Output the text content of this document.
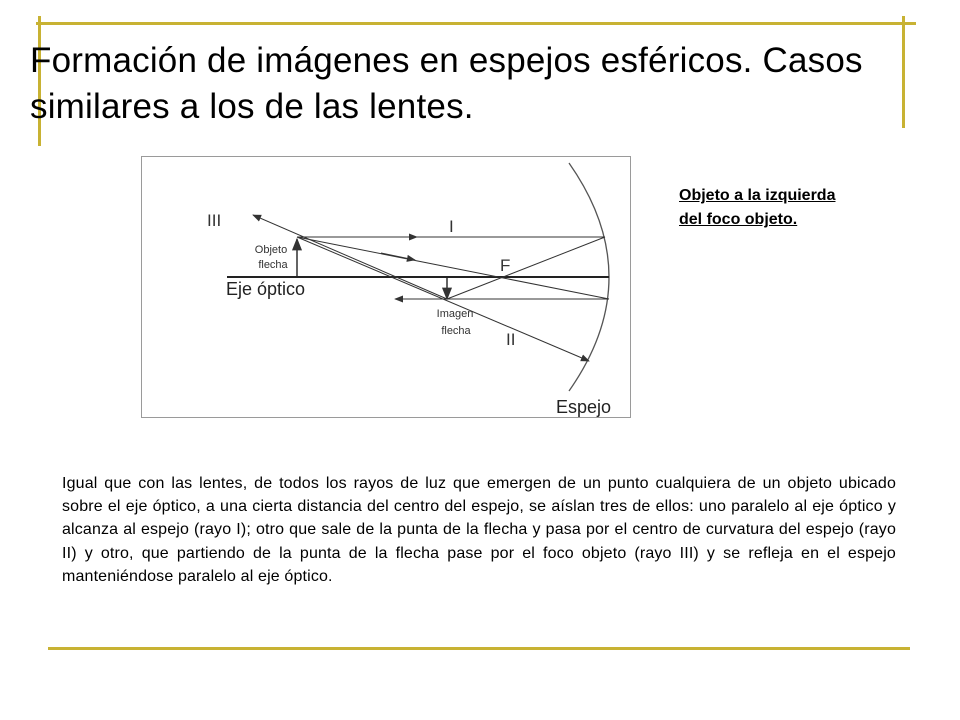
Formación de imágenes en espejos esféricos. Casos
similares a los de las lentes.
III	I
II
F
Objeto
flecha
Eje óptico
Imagen
flecha
Espejo
Objeto a la izquierda
del foco objeto.

Igual que con las lentes, de todos los rayos de luz que emergen de un punto cualquiera de un objeto ubicado sobre el eje óptico, a una cierta distancia del centro del espejo, se aíslan tres de ellos: uno paralelo al eje óptico y alcanza al espejo (rayo I); otro que sale de la punta de la flecha y pasa por el centro de curvatura del espejo (rayo II) y otro, que partiendo de la punta de la flecha pase por el foco objeto (rayo III) y se refleja en el espejo manteniéndose paralelo al eje óptico.
